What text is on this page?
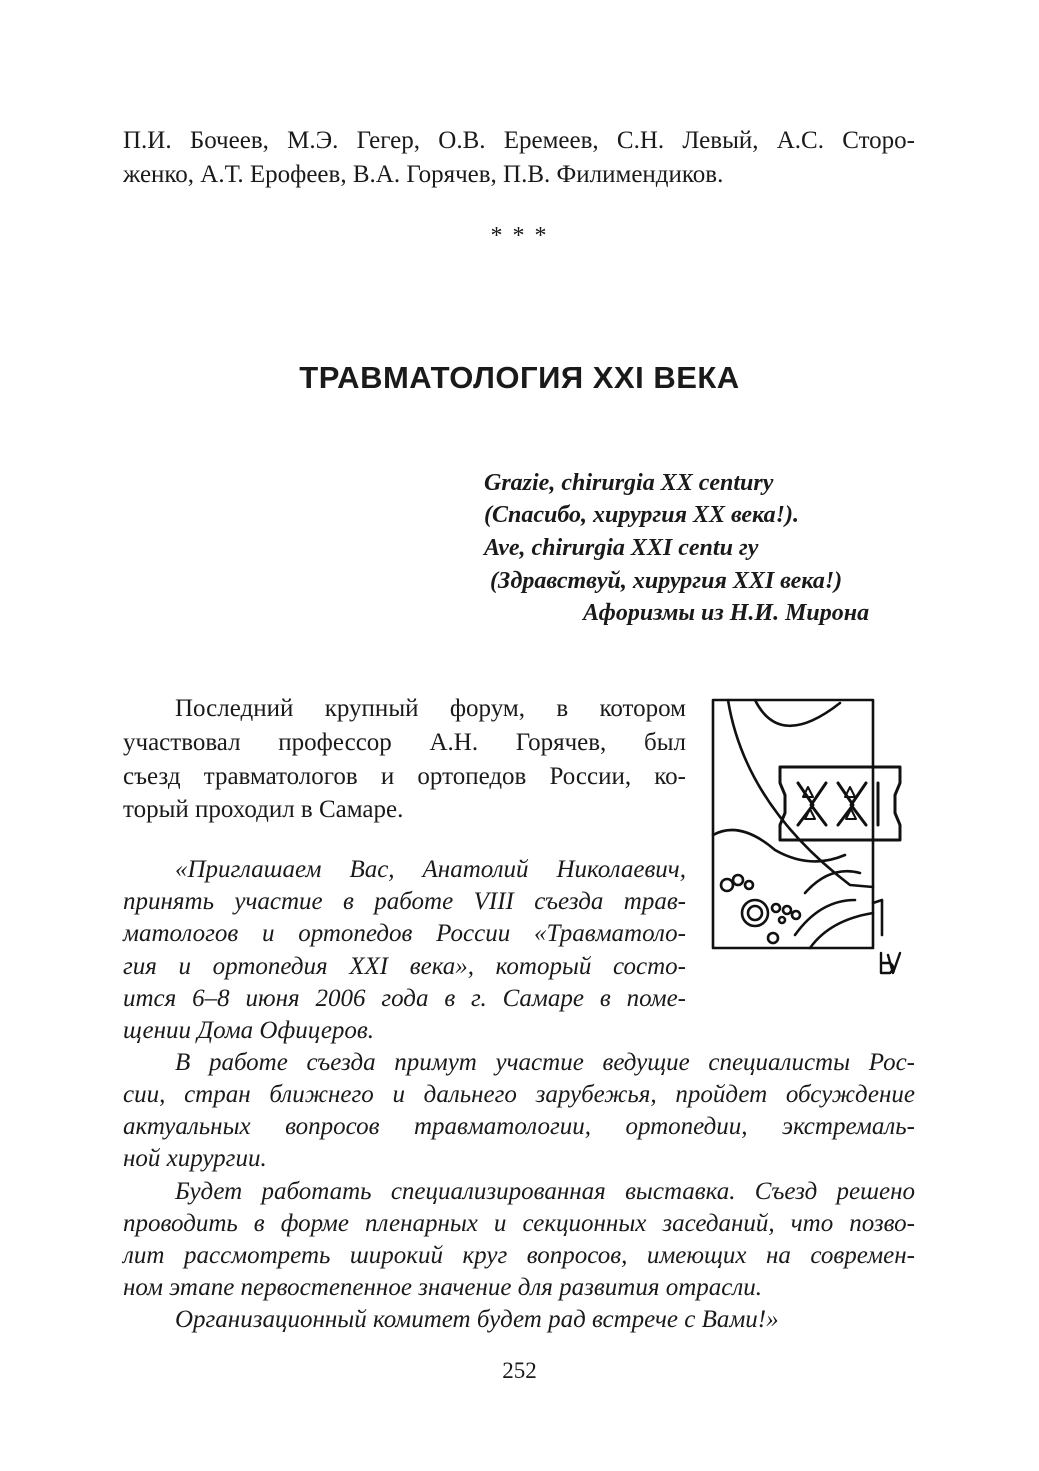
П.И. Бочеев, М.Э. Гегер, О.В. Еремеев, С.Н. Левый, А.С. Сторо-
женко, А.Т. Ерофеев, В.А. Горячев, П.В. Филимендиков.
* * *
ТРАВМАТОЛОГИЯ XXI ВЕКА
Grazie, chirurgia XX century
(Спасибо, хирургия XX века!).
Ave, chirurgia XXI centu гу
(Здравствуй, хирургия XXI века!)
Афоризмы из Н.И. Мирона
Последний крупный форум, в котором
участвовал профессор А.Н. Горячев, был
съезд травматологов и ортопедов России, ко-
торый проходил в Самаре.
«Приглашаем Вас, Анатолий Николаевич,
принять участие в работе VIII съезда трав-
матологов и ортопедов России «Травматоло-
гия и ортопедия XXI века», который состо-
ится 6–8 июня 2006 года в г. Самаре в поме-
щении Дома Офицеров.
В работе съезда примут участие ведущие специалисты Рос-
сии, стран ближнего и дальнего зарубежья, пройдет обсуждение
актуальных вопросов травматологии, ортопедии, экстремаль-
ной хирургии.
Будет работать специализированная выставка. Съезд решено
проводить в форме пленарных и секционных заседаний, что позво-
лит рассмотреть широкий круг вопросов, имеющих на современ-
ном этапе первостепенное значение для развития отрасли.
Организационный комитет будет рад встрече с Вами!»
252
